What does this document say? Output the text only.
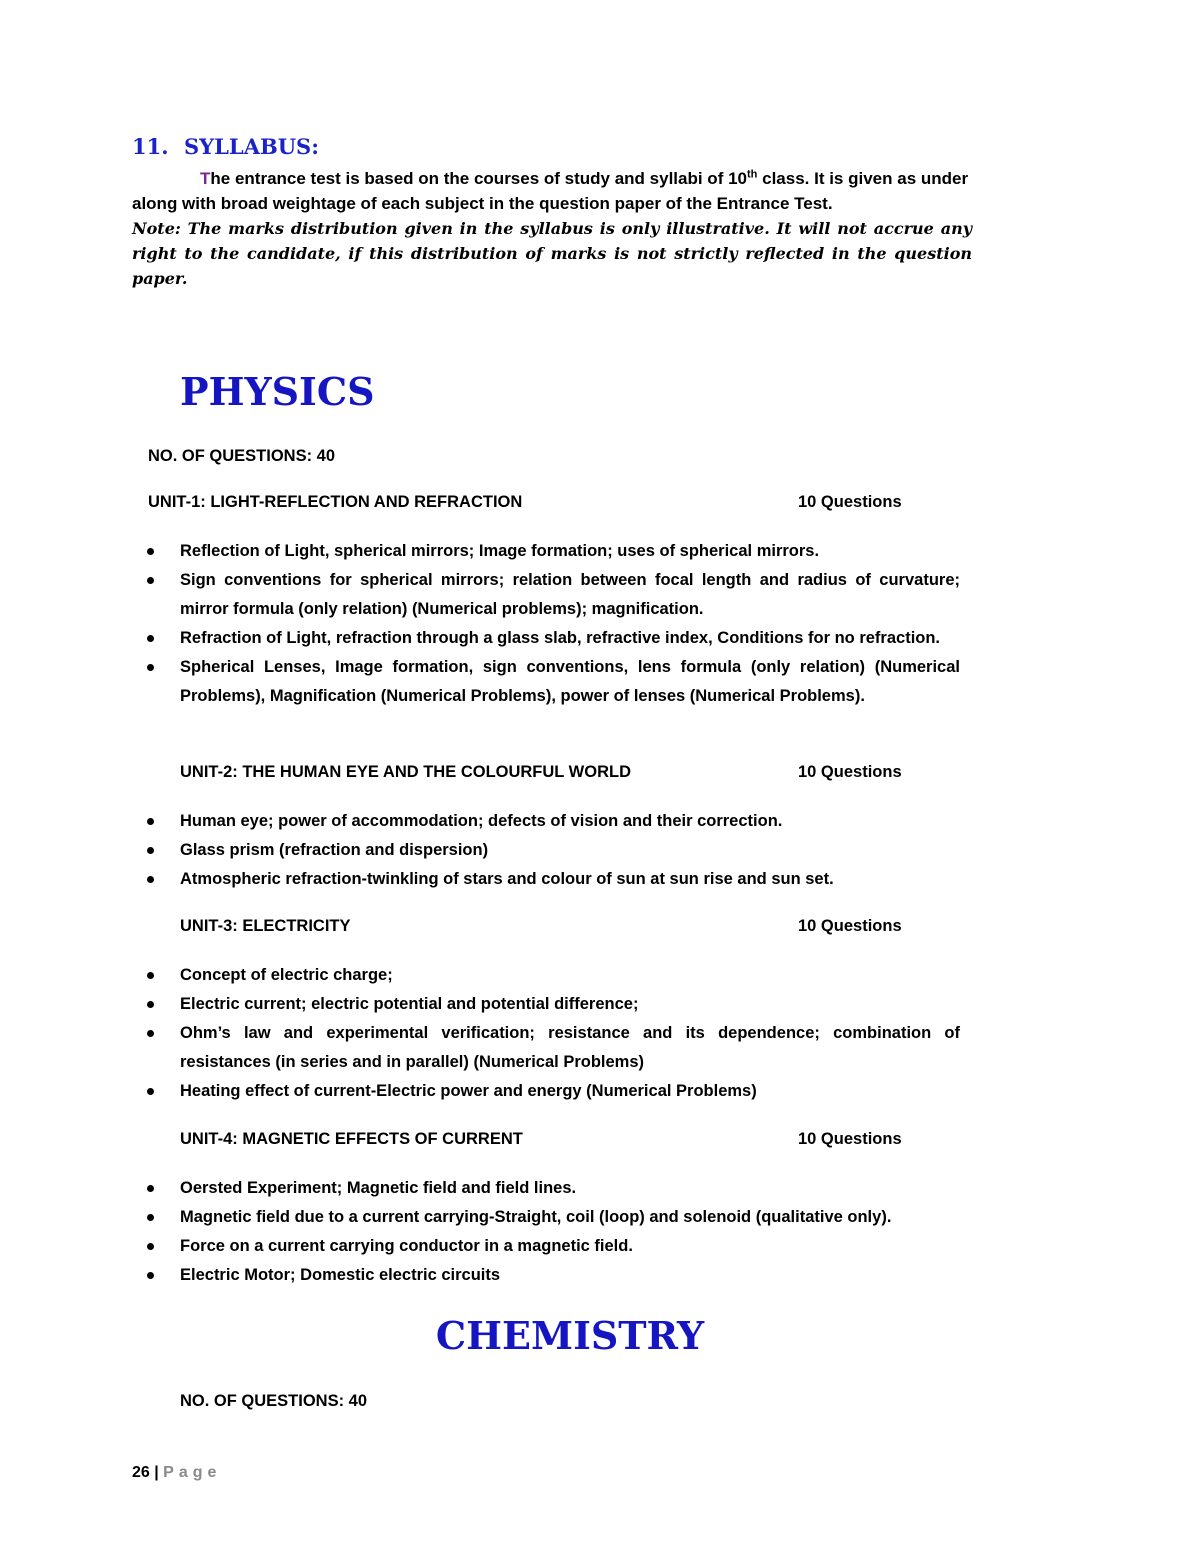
11. SYLLABUS:
The entrance test is based on the courses of study and syllabi of 10th class. It is given as under along with broad weightage of each subject in the question paper of the Entrance Test.
Note: The marks distribution given in the syllabus is only illustrative. It will not accrue any right to the candidate, if this distribution of marks is not strictly reflected in the question paper.
PHYSICS
NO. OF QUESTIONS: 40
UNIT-1: LIGHT-REFLECTION AND REFRACTION	10 Questions
Reflection of Light, spherical mirrors; Image formation; uses of spherical mirrors.
Sign conventions for spherical mirrors; relation between focal length and radius of curvature; mirror formula (only relation) (Numerical problems); magnification.
Refraction of Light, refraction through a glass slab, refractive index, Conditions for no refraction.
Spherical Lenses, Image formation, sign conventions, lens formula (only relation) (Numerical Problems), Magnification (Numerical Problems), power of lenses (Numerical Problems).
UNIT-2: THE HUMAN EYE AND THE COLOURFUL WORLD	10 Questions
Human eye; power of accommodation; defects of vision and their correction.
Glass prism (refraction and dispersion)
Atmospheric refraction-twinkling of stars and colour of sun at sun rise and sun set.
UNIT-3: ELECTRICITY	10 Questions
Concept of electric charge;
Electric current; electric potential and potential difference;
Ohm’s law and experimental verification; resistance and its dependence; combination of resistances (in series and in parallel) (Numerical Problems)
Heating effect of current-Electric power and energy (Numerical Problems)
UNIT-4: MAGNETIC EFFECTS OF CURRENT	10 Questions
Oersted Experiment; Magnetic field and field lines.
Magnetic field due to a current carrying-Straight, coil (loop) and solenoid (qualitative only).
Force on a current carrying conductor in a magnetic field.
Electric Motor; Domestic electric circuits
CHEMISTRY
NO. OF QUESTIONS: 40
26 | Page
